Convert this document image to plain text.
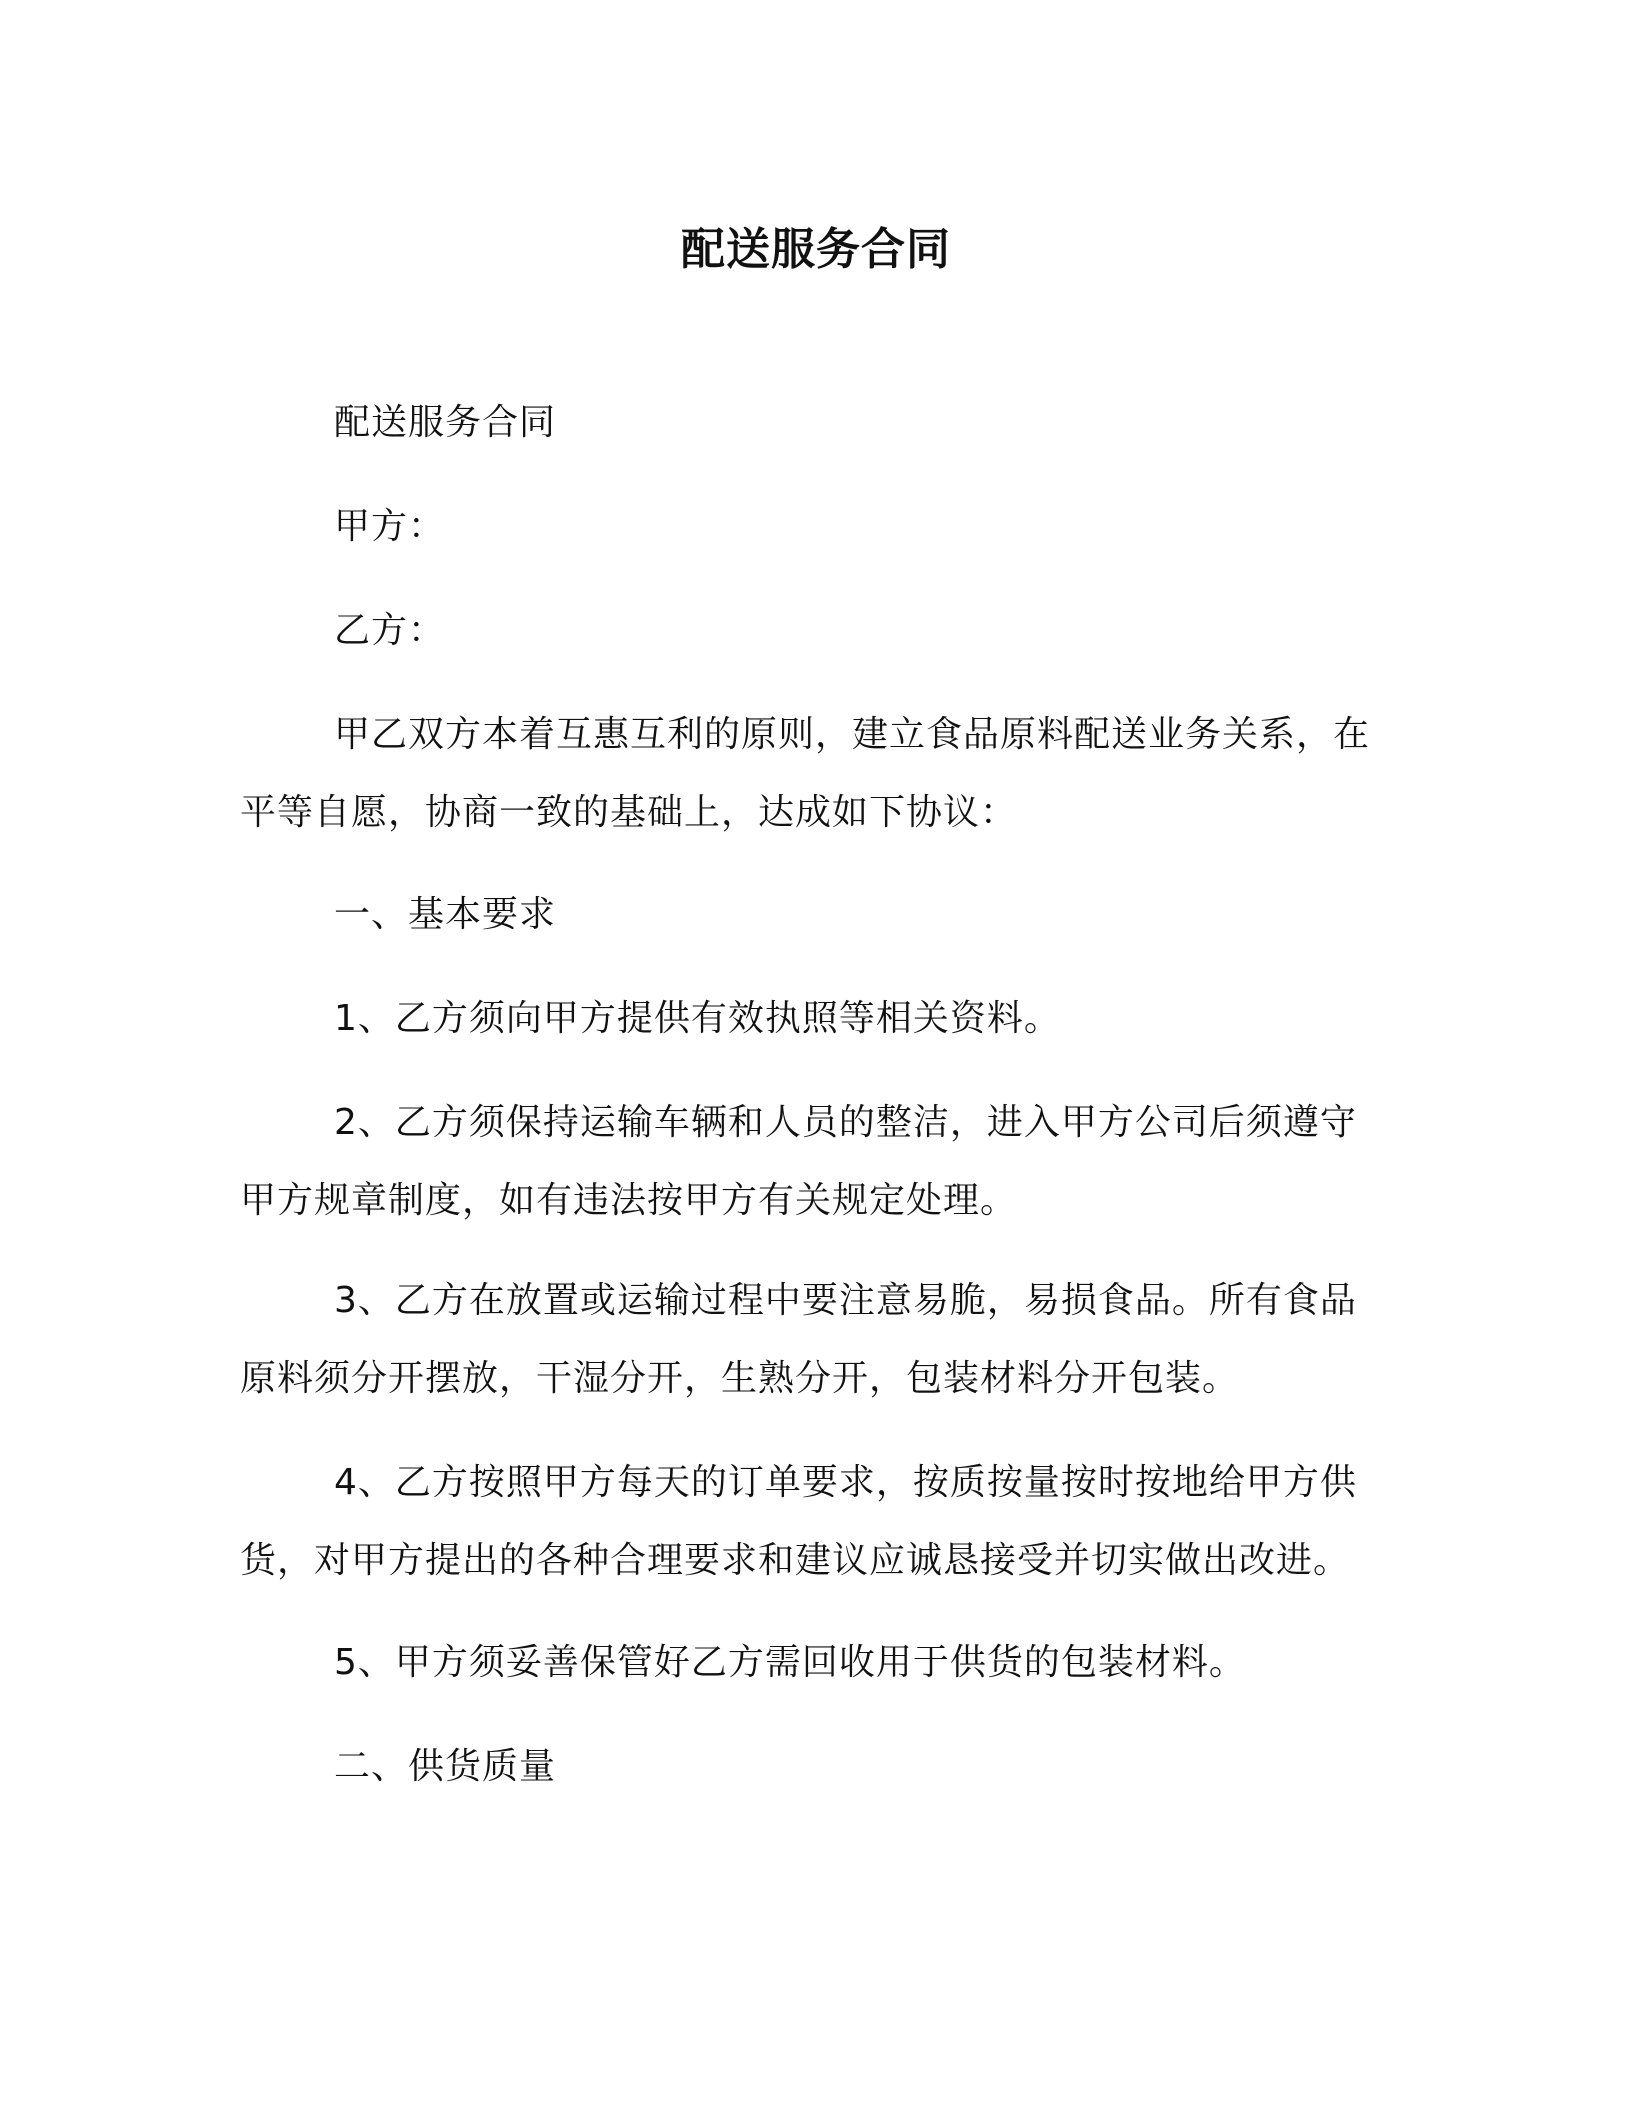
配送服务合同
配送服务合同
甲方：
乙方：
甲乙双方本着互惠互利的原则，建立食品原料配送业务关系，在平等自愿，协商一致的基础上，达成如下协议：
一、基本要求
1、乙方须向甲方提供有效执照等相关资料。
2、乙方须保持运输车辆和人员的整洁，进入甲方公司后须遵守甲方规章制度，如有违法按甲方有关规定处理。
3、乙方在放置或运输过程中要注意易脆，易损食品。所有食品原料须分开摆放，干湿分开，生熟分开，包装材料分开包装。
4、乙方按照甲方每天的订单要求，按质按量按时按地给甲方供货，对甲方提出的各种合理要求和建议应诚恳接受并切实做出改进。
5、甲方须妥善保管好乙方需回收用于供货的包装材料。
二、供货质量
